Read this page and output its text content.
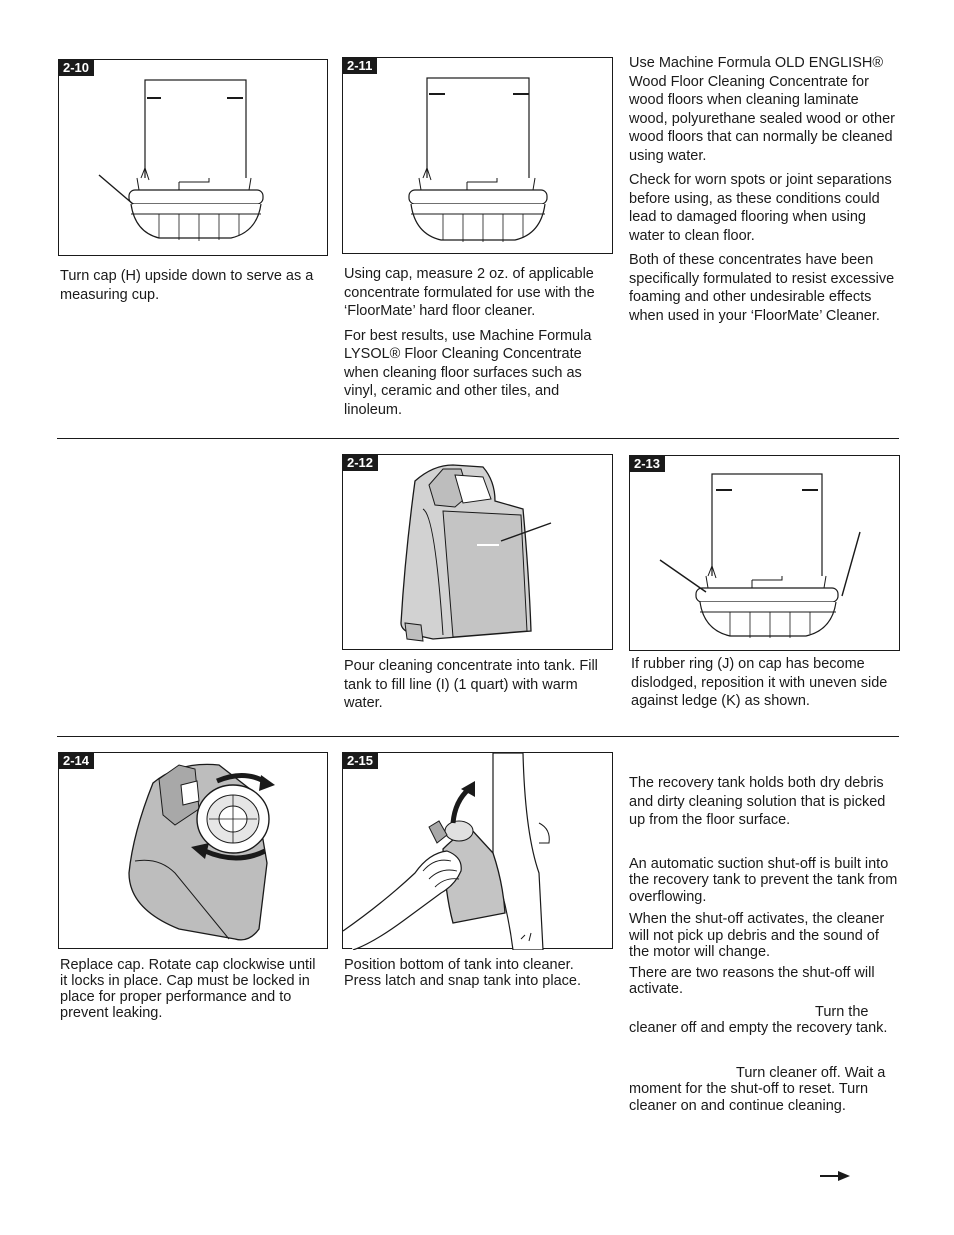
2-10
Turn cap (H) upside down to serve as a measuring cup.
2-11

Using cap, measure 2 oz. of applicable concentrate formulated for use with the ‘FloorMate’ hard floor cleaner.

For best results, use Machine Formula LYSOL® Floor Cleaning Concentrate when cleaning floor surfaces such as vinyl, ceramic and other tiles, and linoleum.

Use Machine Formula OLD ENGLISH® Wood Floor Cleaning Concentrate for wood floors when cleaning laminate wood, polyurethane sealed wood or other wood floors that can normally be cleaned using water.

Check for worn spots or joint separations before using, as these conditions could lead to damaged flooring when using water to clean floor.

Both of these concentrates have been specifically formulated to resist excessive foaming and other undesirable effects when used in your ‘FloorMate’ Cleaner.

2-12
Pour cleaning concentrate into tank. Fill tank to fill line (I) (1 quart) with warm water.
2-13
If rubber ring (J) on cap has become dislodged, reposition it with uneven side against ledge (K) as shown.
2-14
Replace cap. Rotate cap clockwise until it locks in place. Cap must be locked in place for proper performance and to prevent leaking.
2-15
Position bottom of tank into cleaner. Press latch and snap tank into place.

The recovery tank holds both dry debris and dirty cleaning solution that is picked up from the floor surface.

An automatic suction shut-off is built into the recovery tank to prevent the tank from overflowing.

When the shut-off activates, the cleaner will not pick up debris and the sound of the motor will change.

There are two reasons the shut-off will activate.

Turn the cleaner off and empty the recovery tank.

Turn cleaner off. Wait a moment for the shut-off to reset. Turn cleaner on and continue cleaning.
